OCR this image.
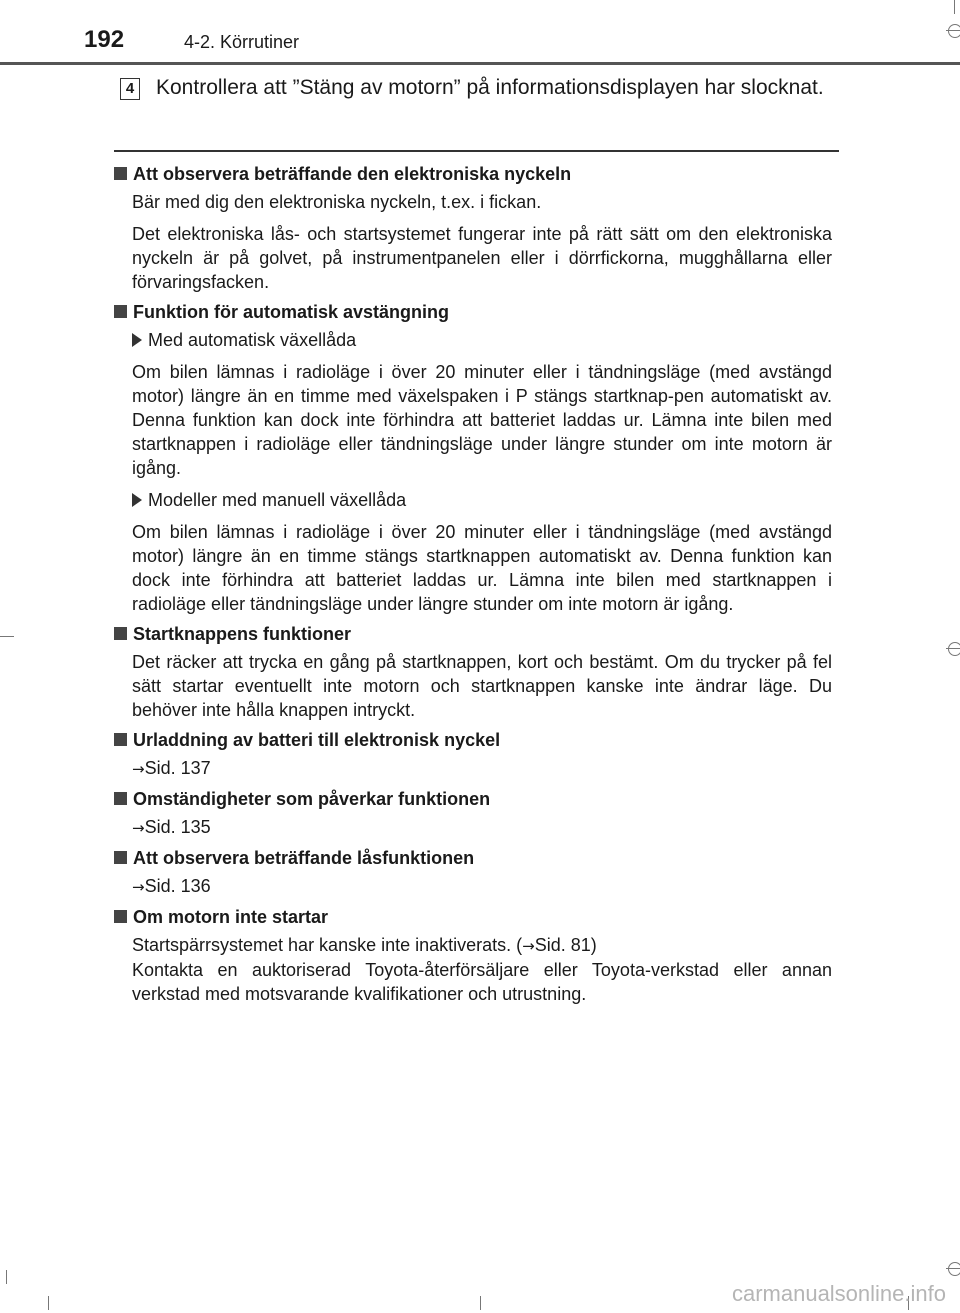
192	4-2. Körrutiner
4 Kontrollera att ”Stäng av motorn” på informationsdisplayen har slocknat.

Att observera beträffande den elektroniska nyckeln

Bär med dig den elektroniska nyckeln, t.ex. i fickan.

Det elektroniska lås- och startsystemet fungerar inte på rätt sätt om den elektroniska nyckeln är på golvet, på instrumentpanelen eller i dörrfickorna, mugghållarna eller förvaringsfacken.

Funktion för automatisk avstängning

Med automatisk växellåda

Om bilen lämnas i radioläge i över 20 minuter eller i tändningsläge (med avstängd motor) längre än en timme med växelspaken i P stängs startknap-pen automatiskt av. Denna funktion kan dock inte förhindra att batteriet laddas ur. Lämna inte bilen med startknappen i radioläge eller tändningsläge under längre stunder om inte motorn är igång.

Modeller med manuell växellåda

Om bilen lämnas i radioläge i över 20 minuter eller i tändningsläge (med avstängd motor) längre än en timme stängs startknappen automatiskt av. Denna funktion kan dock inte förhindra att batteriet laddas ur. Lämna inte bilen med startknappen i radioläge eller tändningsläge under längre stunder om inte motorn är igång.

Startknappens funktioner

Det räcker att trycka en gång på startknappen, kort och bestämt. Om du trycker på fel sätt startar eventuellt inte motorn och startknappen kanske inte ändrar läge. Du behöver inte hålla knappen intryckt.

Urladdning av batteri till elektronisk nyckel

→Sid. 137

Omständigheter som påverkar funktionen

→Sid. 135

Att observera beträffande låsfunktionen

→Sid. 136

Om motorn inte startar

Startspärrsystemet har kanske inte inaktiverats. (→Sid. 81)
Kontakta en auktoriserad Toyota-återförsäljare eller Toyota-verkstad eller annan verkstad med motsvarande kvalifikationer och utrustning.

carmanualsonline.info
